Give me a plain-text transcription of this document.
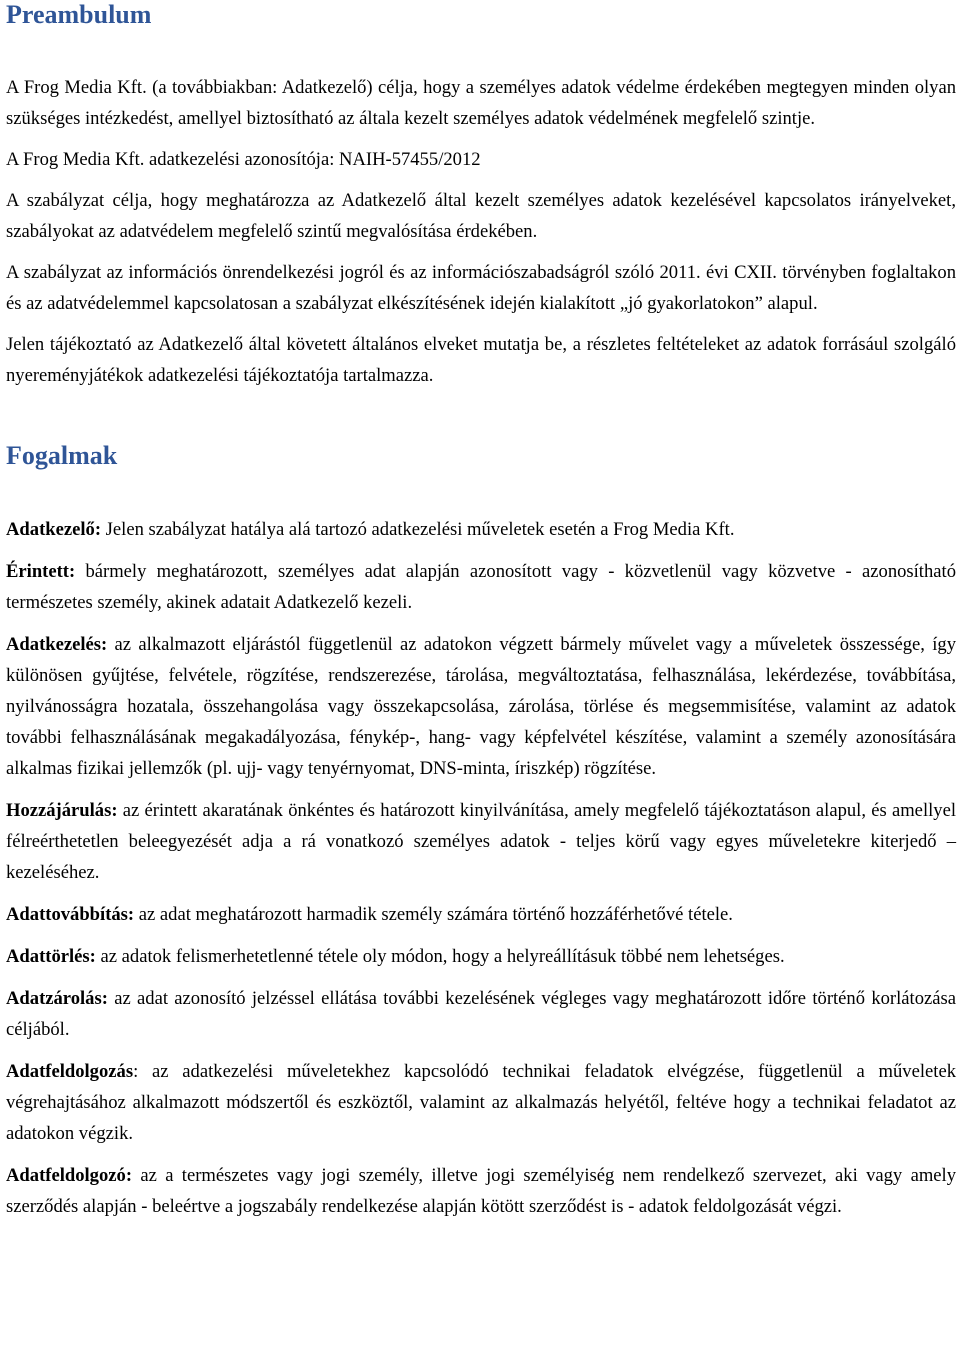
Preambulum

A Frog Media Kft. (a továbbiakban: Adatkezelő) célja, hogy a személyes adatok védelme érdekében megtegyen minden olyan szükséges intézkedést, amellyel biztosítható az általa kezelt személyes adatok védelmének megfelelő szintje.

A Frog Media Kft. adatkezelési azonosítója: NAIH-57455/2012

A szabályzat célja, hogy meghatározza az Adatkezelő által kezelt személyes adatok kezelésével kapcsolatos irányelveket, szabályokat az adatvédelem megfelelő szintű megvalósítása érdekében.

A szabályzat az információs önrendelkezési jogról és az információszabadságról szóló 2011. évi CXII. törvényben foglaltakon és az adatvédelemmel kapcsolatosan a szabályzat elkészítésének idején kialakított „jó gyakorlatokon” alapul.

Jelen tájékoztató az Adatkezelő által követett általános elveket mutatja be, a részletes feltételeket az adatok forrásául szolgáló nyereményjátékok adatkezelési tájékoztatója tartalmazza.

Fogalmak

Adatkezelő: Jelen szabályzat hatálya alá tartozó adatkezelési műveletek esetén a Frog Media Kft.

Érintett: bármely meghatározott, személyes adat alapján azonosított vagy - közvetlenül vagy közvetve - azonosítható természetes személy, akinek adatait Adatkezelő kezeli.

Adatkezelés: az alkalmazott eljárástól függetlenül az adatokon végzett bármely művelet vagy a műveletek összessége, így különösen gyűjtése, felvétele, rögzítése, rendszerezése, tárolása, megváltoztatása, felhasználása, lekérdezése, továbbítása, nyilvánosságra hozatala, összehangolása vagy összekapcsolása, zárolása, törlése és megsemmisítése, valamint az adatok további felhasználásának megakadályozása, fénykép-, hang- vagy képfelvétel készítése, valamint a személy azonosítására alkalmas fizikai jellemzők (pl. ujj- vagy tenyérnyomat, DNS-minta, íriszkép) rögzítése.

Hozzájárulás: az érintett akaratának önkéntes és határozott kinyilvánítása, amely megfelelő tájékoztatáson alapul, és amellyel félreérthetetlen beleegyezését adja a rá vonatkozó személyes adatok - teljes körű vagy egyes műveletekre kiterjedő – kezeléséhez.

Adattovábbítás: az adat meghatározott harmadik személy számára történő hozzáférhetővé tétele.

Adattörlés: az adatok felismerhetetlenné tétele oly módon, hogy a helyreállításuk többé nem lehetséges.

Adatzárolás: az adat azonosító jelzéssel ellátása további kezelésének végleges vagy meghatározott időre történő korlátozása céljából.

Adatfeldolgozás: az adatkezelési műveletekhez kapcsolódó technikai feladatok elvégzése, függetlenül a műveletek végrehajtásához alkalmazott módszertől és eszköztől, valamint az alkalmazás helyétől, feltéve hogy a technikai feladatot az adatokon végzik.

Adatfeldolgozó: az a természetes vagy jogi személy, illetve jogi személyiség nem rendelkező szervezet, aki vagy amely szerződés alapján - beleértve a jogszabály rendelkezése alapján kötött szerződést is - adatok feldolgozását végzi.
